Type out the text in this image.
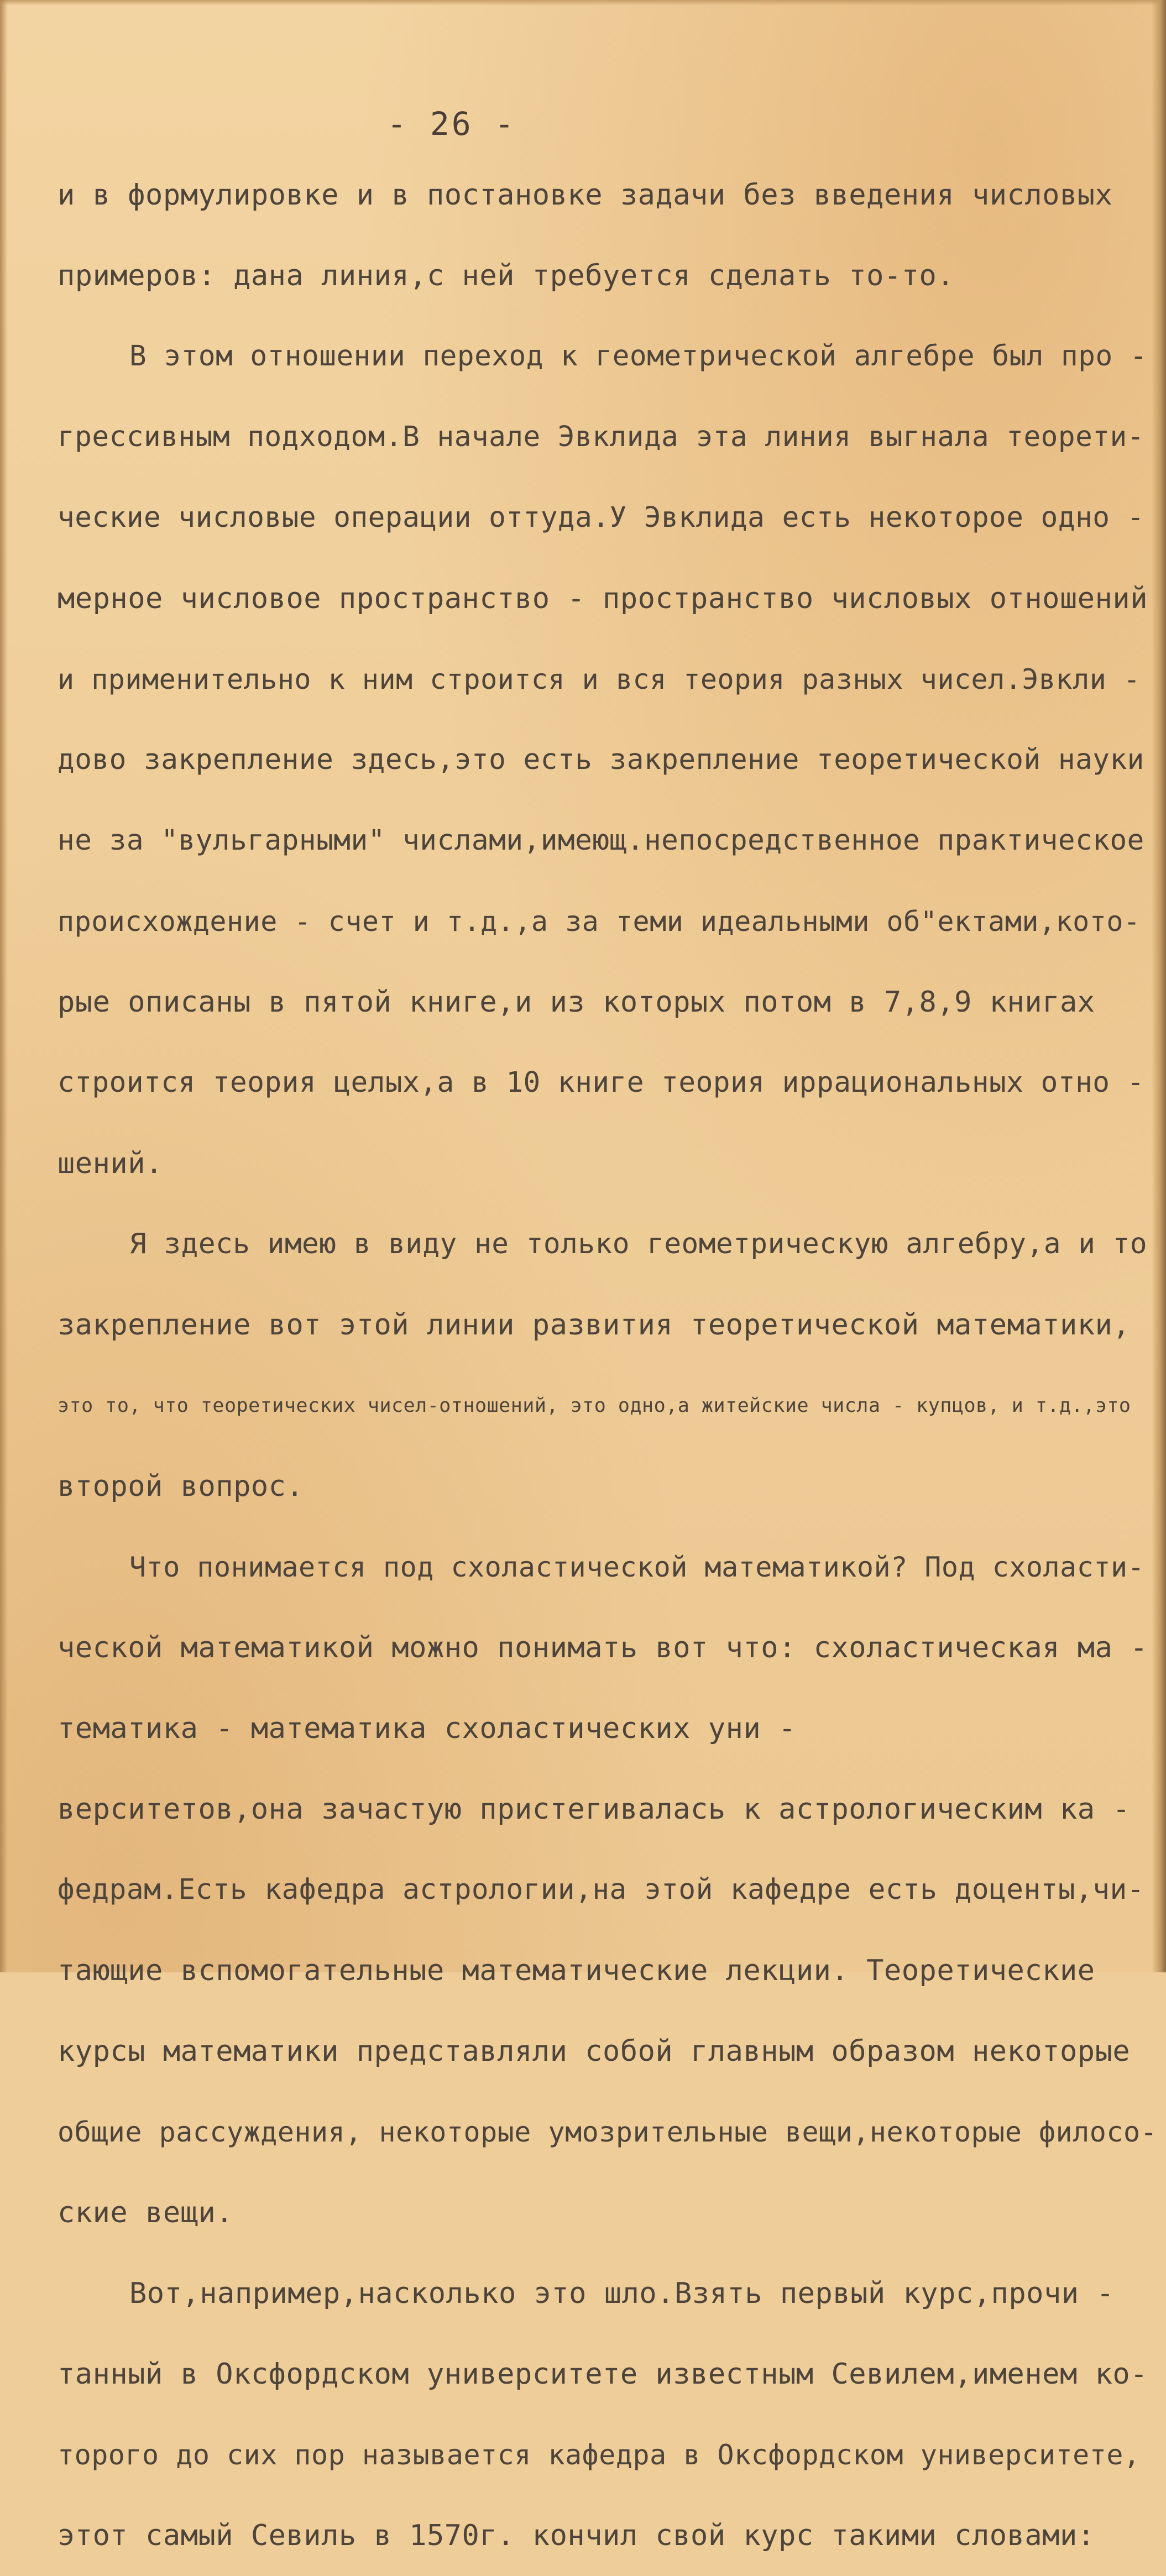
- 26 -
и в формулировке и в постановке задачи без введения числовых
примеров: дана линия,с ней требуется сделать то-то.
В этом отношении переход к геометрической алгебре был про -
грессивным подходом.В начале Эвклида эта линия выгнала теорети-
ческие числовые операции оттуда.У Эвклида есть некоторое одно -
мерное числовое пространство - пространство числовых отношений
и применительно к ним строится и вся теория разных чисел.Эвкли -
дово закрепление здесь,это есть закрепление теоретической науки
не за "вульгарными" числами,имеющ.непосредственное практическое
происхождение - счет и т.д.,а за теми идеальными об"ектами,кото-
рые описаны в пятой книге,и из которых потом в 7,8,9 книгах
строится теория целых,а в 10 книге теория иррациональных отно -
шений.
Я здесь имею в виду не только геометрическую алгебру,а и то
закрепление вот этой линии развития теоретической математики,
это то, что теоретических чисел-отношений, это одно,а житейские числа - купцов, и т.д.,это
второй вопрос.
Что понимается под схоластической математикой? Под схоласти-
ческой математикой можно понимать вот что: схоластическая ма -
тематика - математика схоластических уни -
верситетов,она зачастую пристегивалась к астрологическим ка -
федрам.Есть кафедра астрологии,на этой кафедре есть доценты,чи-
тающие вспомогательные математические лекции. Теоретические
курсы математики представляли собой главным образом некоторые
общие рассуждения, некоторые умозрительные вещи,некоторые филосо-
ские вещи.
Вот,например,насколько это шло.Взять первый курс,прочи -
танный в Оксфордском университете известным Севилем,именем ко-
торого до сих пор называется кафедра в Оксфордском университете,
этот самый Севиль в 1570г. кончил свой курс такими словами:
